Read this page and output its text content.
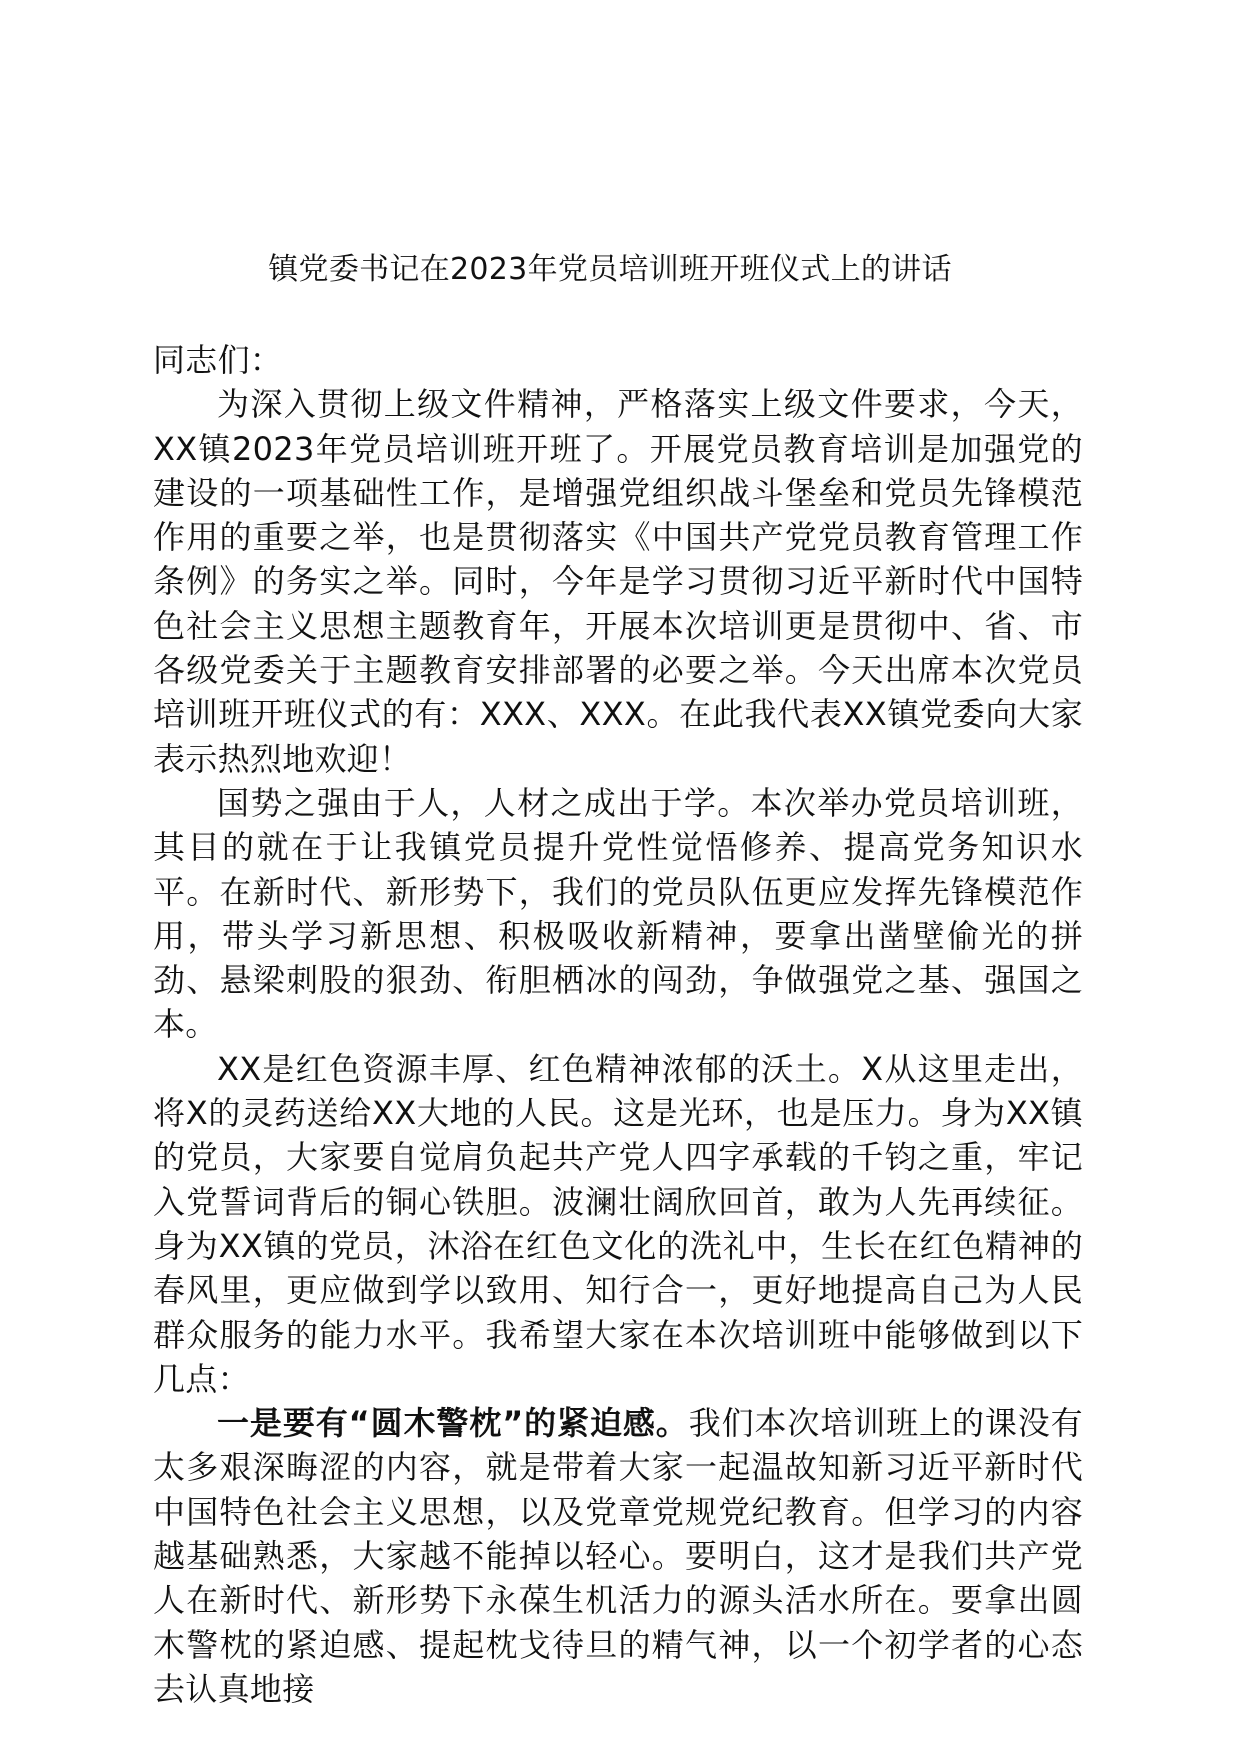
镇党委书记在2023年党员培训班开班仪式上的讲话

同志们：

为深入贯彻上级文件精神，严格落实上级文件要求，今天，XX镇2023年党员培训班开班了。开展党员教育培训是加强党的建设的一项基础性工作，是增强党组织战斗堡垒和党员先锋模范作用的重要之举，也是贯彻落实《中国共产党党员教育管理工作条例》的务实之举。同时，今年是学习贯彻习近平新时代中国特色社会主义思想主题教育年，开展本次培训更是贯彻中、省、市各级党委关于主题教育安排部署的必要之举。今天出席本次党员培训班开班仪式的有：XXX、XXX。在此我代表XX镇党委向大家表示热烈地欢迎！

国势之强由于人，人材之成出于学。本次举办党员培训班，其目的就在于让我镇党员提升党性觉悟修养、提高党务知识水平。在新时代、新形势下，我们的党员队伍更应发挥先锋模范作用，带头学习新思想、积极吸收新精神，要拿出凿壁偷光的拼劲、悬梁刺股的狠劲、衔胆栖冰的闯劲，争做强党之基、强国之本。

XX是红色资源丰厚、红色精神浓郁的沃土。X从这里走出，将X的灵药送给XX大地的人民。这是光环，也是压力。身为XX镇的党员，大家要自觉肩负起共产党人四字承载的千钧之重，牢记入党誓词背后的铜心铁胆。波澜壮阔欣回首，敢为人先再续征。身为XX镇的党员，沐浴在红色文化的洗礼中，生长在红色精神的春风里，更应做到学以致用、知行合一，更好地提高自己为人民群众服务的能力水平。我希望大家在本次培训班中能够做到以下几点：

一是要有“圆木警枕”的紧迫感。我们本次培训班上的课没有太多艰深晦涩的内容，就是带着大家一起温故知新习近平新时代中国特色社会主义思想，以及党章党规党纪教育。但学习的内容越基础熟悉，大家越不能掉以轻心。要明白，这才是我们共产党人在新时代、新形势下永葆生机活力的源头活水所在。要拿出圆木警枕的紧迫感、提起枕戈待旦的精气神，以一个初学者的心态去认真地接
